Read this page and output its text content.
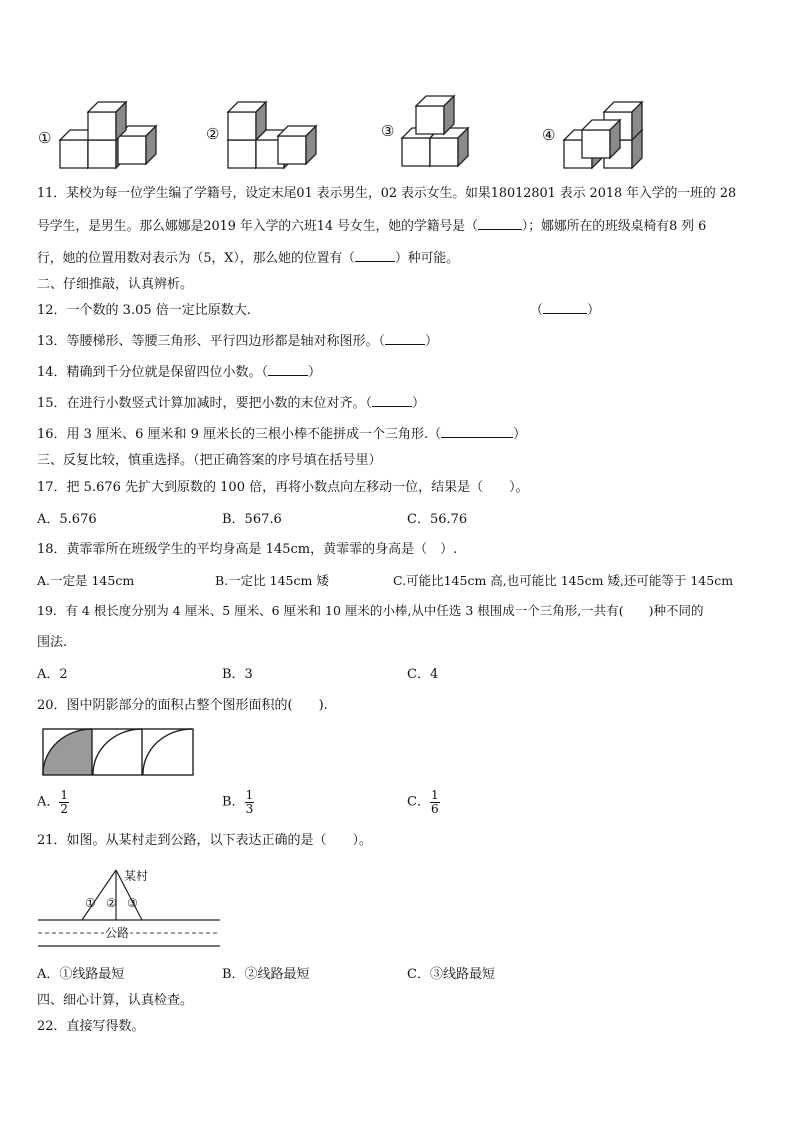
①	②	③	④
11．某校为每一位学生编了学籍号，设定末尾01 表示男生，02 表示女生。如果18012801 表示 2018 年入学的一班的 28
号学生，是男生。那么娜娜是2019 年入学的六班14 号女生，她的学籍号是（	）；娜娜所在的班级桌椅有8 列 6
行，她的位置用数对表示为（5，X），那么她的位置有（	）种可能。
二、仔细推敲，认真辨析。
12．一个数的 3.05 倍一定比原数大.	（	）
13．等腰梯形、等腰三角形、平行四边形都是轴对称图形。（	）
14．精确到千分位就是保留四位小数。（	）
15．在进行小数竖式计算加减时，要把小数的末位对齐。（	）
16．用 3 厘米、6 厘米和 9 厘米长的三根小棒不能拼成一个三角形.（	）
三、反复比较，慎重选择。（把正确答案的序号填在括号里）
17．把 5.676 先扩大到原数的 100 倍，再将小数点向左移动一位，结果是（　　）。
A．5.676	B．567.6	C．56.76
18．黄霏霏所在班级学生的平均身高是 145cm，黄霏霏的身高是（　）.
A.一定是 145cm	B.一定比 145cm 矮	C.可能比145cm 高,也可能比 145cm 矮,还可能等于 145cm
19．有 4 根长度分别为 4 厘米、5 厘米、6 厘米和 10 厘米的小棒,从中任选 3 根围成一个三角形,一共有(　　)种不同的
围法.
A．2	B．3	C．4
20．图中阴影部分的面积占整个图形面积的(　　).
A． $\frac{1}{2}$	B． $\frac{1}{3}$	C． $\frac{1}{6}$
21．如图。从某村走到公路，以下表达正确的是（　　）。
某村
① ② ③
公路
A．①线路最短	B．②线路最短	C．③线路最短
四、细心计算，认真检查。
22．直接写得数。
